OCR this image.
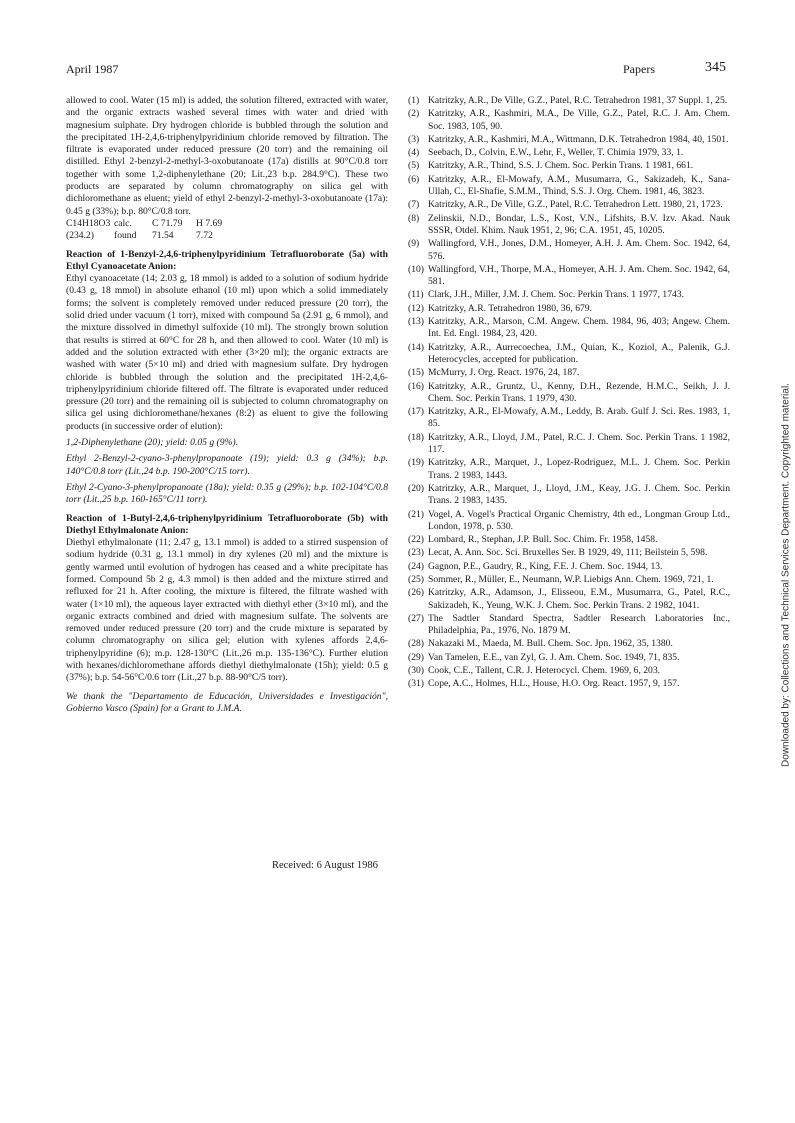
April 1987	Papers	345

allowed to cool. Water (15 ml) is added, the solution filtered, extracted with water, and the organic extracts washed several times with water and dried with magnesium sulphate. Dry hydrogen chloride is bubbled through the solution and the precipitated 1H-2,4,6-triphenylpyridinium chloride removed by filtration. The filtrate is evaporated under reduced pressure (20 torr) and the remaining oil distilled. Ethyl 2-benzyl-2-methyl-3-oxobutanoate (17a) distills at 90°C/0.8 torr together with some 1,2-diphenylethane (20; Lit.,23 b.p. 284.9°C). These two products are separated by column chromatography on silica gel with dichloromethane as eluent; yield of ethyl 2-benzyl-2-methyl-3-oxobutanoate (17a): 0.45 g (33%); b.p. 80°C/0.8 torr.

C14H18O3 calc.	C 71.79	H 7.69
(234.2)	found	71.54	7.72
Reaction of 1-Benzyl-2,4,6-triphenylpyridinium Tetrafluoroborate (5a) with Ethyl Cyanoacetate Anion:

Ethyl cyanoacetate (14; 2.03 g, 18 mmol) is added to a solution of sodium hydride (0.43 g, 18 mmol) in absolute ethanol (10 ml) upon which a solid immediately forms; the solvent is completely removed under reduced pressure (20 torr), the solid dried under vacuum (1 torr), mixed with compound 5a (2.91 g, 6 mmol), and the mixture dissolved in dimethyl sulfoxide (10 ml). The strongly brown solution that results is stirred at 60°C for 28 h, and then allowed to cool. Water (10 ml) is added and the solution extracted with ether (3×20 ml); the organic extracts are washed with water (5×10 ml) and dried with magnesium sulfate. Dry hydrogen chloride is bubbled through the solution and the precipitated 1H-2,4,6-triphenylpyridinium chloride filtered off. The filtrate is evaporated under reduced pressure (20 torr) and the remaining oil is subjected to column chromatography on silica gel using dichloromethane/hexanes (8:2) as eluent to give the following products (in successive order of elution):

1,2-Diphenylethane (20); yield: 0.05 g (9%).

Ethyl 2-Benzyl-2-cyano-3-phenylpropanoate (19); yield: 0.3 g (34%); b.p. 140°C/0.8 torr (Lit.,24 b.p. 190-200°C/15 torr).

Ethyl 2-Cyano-3-phenylpropanoate (18a); yield: 0.35 g (29%); b.p. 102-104°C/0.8 torr (Lit.,25 b.p. 160-165°C/11 torr).

Reaction of 1-Butyl-2,4,6-triphenylpyridinium Tetrafluoroborate (5b) with Diethyl Ethylmalonate Anion:

Diethyl ethylmalonate (11; 2.47 g, 13.1 mmol) is added to a stirred suspension of sodium hydride (0.31 g, 13.1 mmol) in dry xylenes (20 ml) and the mixture is gently warmed until evolution of hydrogen has ceased and a white precipitate has formed. Compound 5b 2 g, 4.3 mmol) is then added and the mixture stirred and refluxed for 21 h. After cooling, the mixture is filtered, the filtrate washed with water (1×10 ml), the aqueous layer extracted with diethyl ether (3×10 ml), and the organic extracts combined and dried with magnesium sulfate. The solvents are removed under reduced pressure (20 torr) and the crude mixture is separated by column chromatography on silica gel; elution with xylenes affords 2,4,6-triphenylpyridine (6); m.p. 128-130°C (Lit.,26 m.p. 135-136°C). Further elution with hexanes/dichloromethane affords diethyl diethylmalonate (15h); yield: 0.5 g (37%); b.p. 54-56°C/0.6 torr (Lit.,27 b.p. 88-90°C/5 torr).

We thank the "Departamento de Educación, Universidades e Investigación", Gobierno Vasco (Spain) for a Grant to J.M.A.

(1) Katritzky, A.R., De Ville, G.Z., Patel, R.C. Tetrahedron 1981, 37 Suppl. 1, 25.
(2) Katritzky, A.R., Kashmiri, M.A., De Ville, G.Z., Patel, R.C. J. Am. Chem. Soc. 1983, 105, 90.
(3) Katritzky, A.R., Kashmiri, M.A., Wittmann, D.K. Tetrahedron 1984, 40, 1501.
(4) Seebach, D., Colvin, E.W., Lehr, F., Weller, T. Chimia 1979, 33, 1.
(5) Katritzky, A.R., Thind, S.S. J. Chem. Soc. Perkin Trans. 1 1981, 661.
(6) Katritzky, A.R., El-Mowafy, A.M., Musumarra, G., Sakizadeh, K., Sana-Ullah, C., El-Shafie, S.M.M., Thind, S.S. J. Org. Chem. 1981, 46, 3823.
(7) Katritzky, A.R., De Ville, G.Z., Patel, R.C. Tetrahedron Lett. 1980, 21, 1723.
(8) Zelinskii, N.D., Bondar, L.S., Kost, V.N., Lifshits, B.V. Izv. Akad. Nauk SSSR, Otdel. Khim. Nauk 1951, 2, 96; C.A. 1951, 45, 10205.
(9) Wallingford, V.H., Jones, D.M., Homeyer, A.H. J. Am. Chem. Soc. 1942, 64, 576.
(10) Wallingford, V.H., Thorpe, M.A., Homeyer, A.H. J. Am. Chem. Soc. 1942, 64, 581.
(11) Clark, J.H., Miller, J.M. J. Chem. Soc. Perkin Trans. 1 1977, 1743.
(12) Katritzky, A.R. Tetrahedron 1980, 36, 679.
(13) Katritzky, A.R., Marson, C.M. Angew. Chem. 1984, 96, 403; Angew. Chem. Int. Ed. Engl. 1984, 23, 420.
(14) Katritzky, A.R., Aurrecoechea, J.M., Quian, K., Koziol, A., Palenik, G.J. Heterocycles, accepted for publication.
(15) McMurry, J. Org. React. 1976, 24, 187.
(16) Katritzky, A.R., Gruntz, U., Kenny, D.H., Rezende, H.M.C., Seikh, J. J. Chem. Soc. Perkin Trans. 1 1979, 430.
(17) Katritzky, A.R., El-Mowafy, A.M., Leddy, B. Arab. Gulf J. Sci. Res. 1983, 1, 85.
(18) Katritzky, A.R., Lloyd, J.M., Patel, R.C. J. Chem. Soc. Perkin Trans. 1 1982, 117.
(19) Katritzky, A.R., Marquet, J., Lopez-Rodriguez, M.L. J. Chem. Soc. Perkin Trans. 2 1983, 1443.
(20) Katritzky, A.R., Marquet, J., Lloyd, J.M., Keay, J.G. J. Chem. Soc. Perkin Trans. 2 1983, 1435.
(21) Vogel, A. Vogel's Practical Organic Chemistry, 4th ed., Longman Group Ltd., London, 1978, p. 530.
(22) Lombard, R., Stephan, J.P. Bull. Soc. Chim. Fr. 1958, 1458.
(23) Lecat, A. Ann. Soc. Sci. Bruxelles Ser. B 1929, 49, 111; Beilstein 5, 598.
(24) Gagnon, P.E., Gaudry, R., King, F.E. J. Chem. Soc. 1944, 13.
(25) Sommer, R., Müller, E., Neumann, W.P. Liebigs Ann. Chem. 1969, 721, 1.
(26) Katritzky, A.R., Adamson, J., Elisseou, E.M., Musumarra, G., Patel, R.C., Sakizadeh, K., Yeung, W.K. J. Chem. Soc. Perkin Trans. 2 1982, 1041.
(27) The Sadtler Standard Spectra, Sadtler Research Laboratories Inc., Philadelphia, Pa., 1976, No. 1879 M.
(28) Nakazaki M., Maeda, M. Bull. Chem. Soc. Jpn. 1962, 35, 1380.
(29) Van Tamelen, E.E., van Zyl, G. J. Am. Chem. Soc. 1949, 71, 835.
(30) Cook, C.E., Tallent, C.R. J. Heterocycl. Chem. 1969, 6, 203.
(31) Cope, A.C., Holmes, H.L., House, H.O. Org. React. 1957, 9, 157.
Received: 6 August 1986
Downloaded by: Collections and Technical Services Department. Copyrighted material.
